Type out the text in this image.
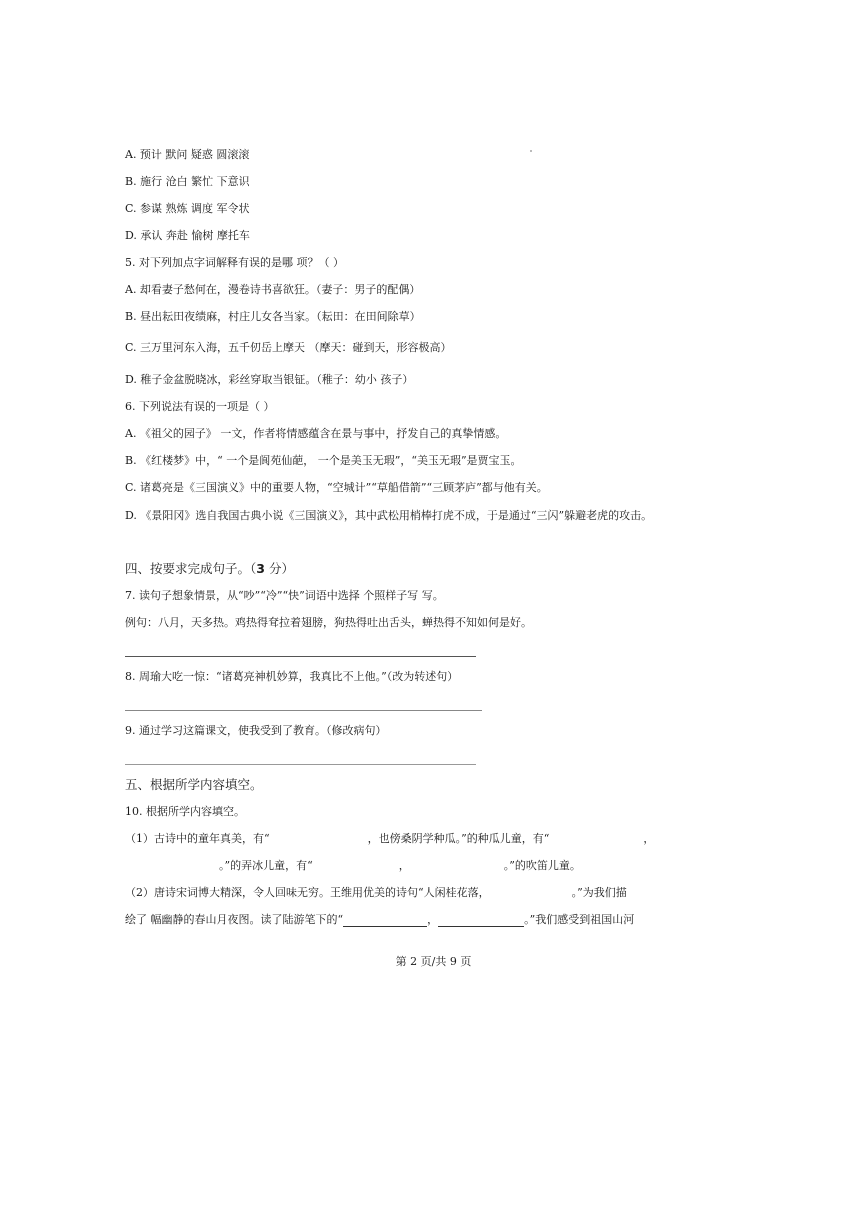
A. 预计 默问 疑惑 圆滚滚
B. 施行 沧白 繁忙 下意识
C. 参谋 熟炼 调度 军令状
D. 承认 奔赴 愉树 摩托车
5. 对下列加点字词解释有误的是哪 项？（ ）
A. 却看妻子愁何在，漫卷诗书喜欲狂。（妻子：男子的配偶）
B. 昼出耘田夜绩麻，村庄儿女各当家。（耘田：在田间除草）
C. 三万里河东入海，五千仞岳上摩天 （摩天：碰到天，形容极高）
D. 稚子金盆脱晓冰，彩丝穿取当银钲。（稚子：幼小 孩子）
6. 下列说法有误的一项是（ ）
A. 《祖父的园子》 一文，作者将情感蕴含在景与事中，抒发自己的真挚情感。
B. 《红楼梦》中，“ 一个是阆苑仙葩， 一个是美玉无瑕”，“美玉无瑕”是贾宝玉。
C. 诸葛亮是《三国演义》中的重要人物，“空城计”“草船借箭”“三顾茅庐”都与他有关。
D. 《景阳冈》选自我国古典小说《三国演义》，其中武松用梢棒打虎不成，于是通过“三闪”躲避老虎的攻击。
四、按要求完成句子。（3 分）
7. 读句子想象情景，从“吵”“冷”“快”词语中选择 个照样子写 写。
例句：八月，天多热。鸡热得耷拉着翅膀，狗热得吐出舌头，蝉热得不知如何是好。
8. 周瑜大吃一惊：“诸葛亮神机妙算，我真比不上他。”（改为转述句）
9. 通过学习这篇课文，使我受到了教育。（修改病句）
五、根据所学内容填空。
10. 根据所学内容填空。
（1）古诗中的童年真美，有“	，也傍桑阴学种瓜。”的种瓜儿童，有“	，
。”的弄冰儿童，有“	，	。”的吹笛儿童。
（2）唐诗宋词博大精深，令人回味无穷。王维用优美的诗句“人闲桂花落，	。”为我们描
绘了 幅幽静的春山月夜图。读了陆游笔下的“	，	。”我们感受到祖国山河
第 2 页/共 9 页
